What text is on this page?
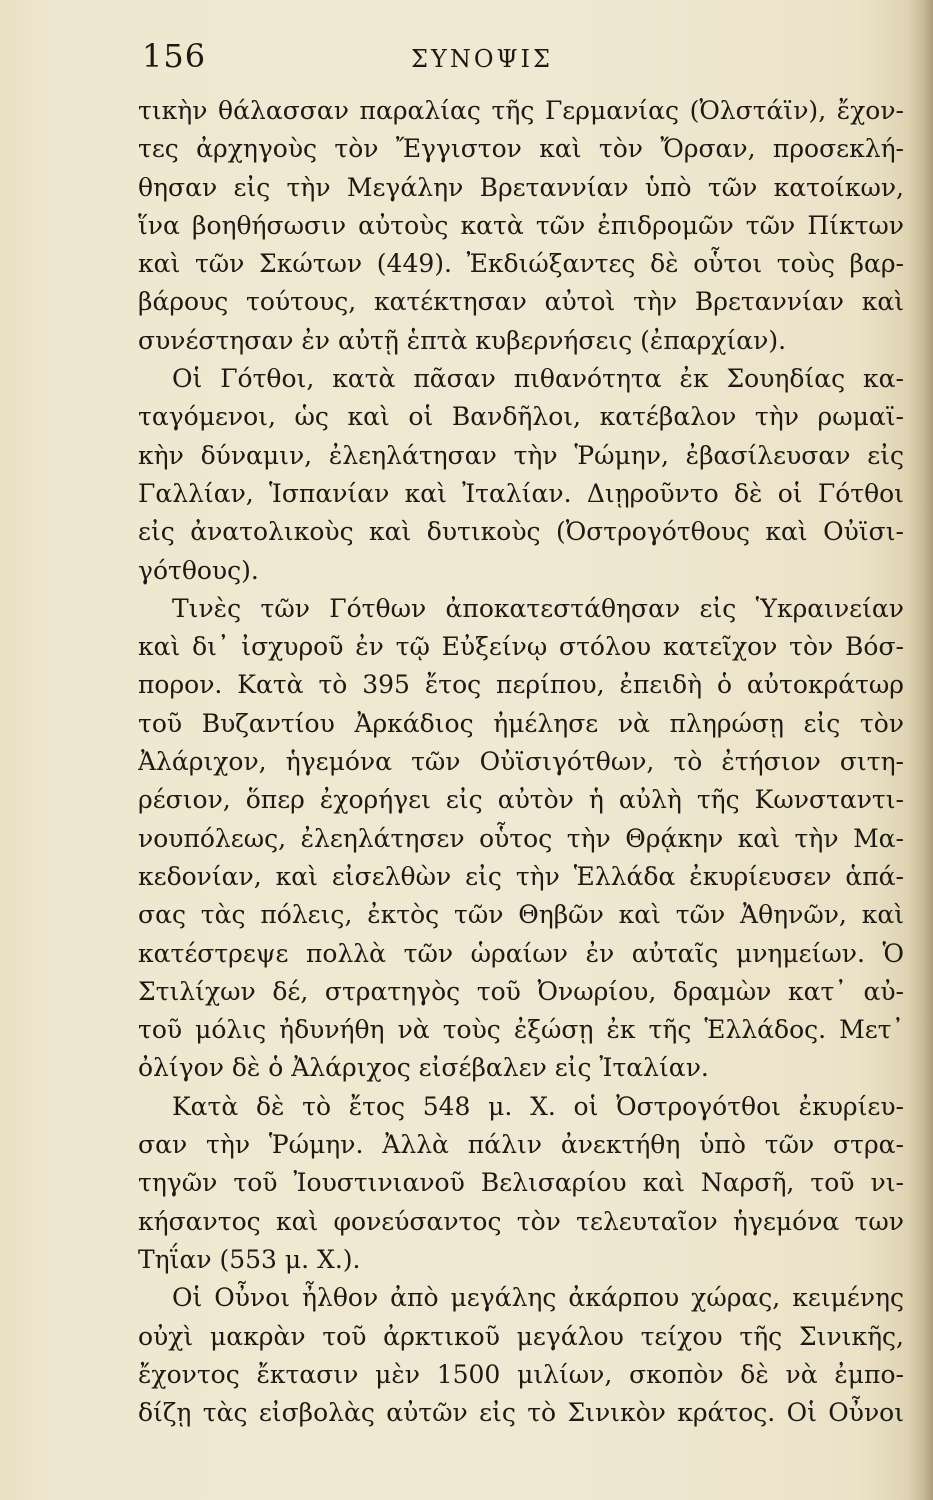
156	ΣΥΝΟΨΙΣ
τικὴν θάλασσαν παραλίας τῆς Γερμανίας (Ὀλστάϊν), ἔχον-
τες ἀρχηγοὺς τὸν Ἔγγιστον καὶ τὸν Ὄρσαν, προσεκλή-
θησαν εἰς τὴν Μεγάλην Βρεταννίαν ὑπὸ τῶν κατοίκων,
ἵνα βοηθήσωσιν αὐτοὺς κατὰ τῶν ἐπιδρομῶν τῶν Πίκτων
καὶ τῶν Σκώτων (449). Ἐκδιώξαντες δὲ οὗτοι τοὺς βαρ-
βάρους τούτους, κατέκτησαν αὐτοὶ τὴν Βρεταννίαν καὶ
συνέστησαν ἐν αὐτῇ ἑπτὰ κυβερνήσεις (ἐπαρχίαν).
Οἱ Γότθοι, κατὰ πᾶσαν πιθανότητα ἐκ Σουηδίας κα-
ταγόμενοι, ὡς καὶ οἱ Βανδῆλοι, κατέβαλον τὴν ρωμαϊ-
κὴν δύναμιν, ἐλεηλάτησαν τὴν Ῥώμην, ἐβασίλευσαν εἰς
Γαλλίαν, Ἱσπανίαν καὶ Ἰταλίαν. Διῃροῦντο δὲ οἱ Γότθοι
εἰς ἀνατολικοὺς καὶ δυτικοὺς (Ὀστρογότθους καὶ Οὐϊσι-
γότθους).
Τινὲς τῶν Γότθων ἀποκατεστάθησαν εἰς Ὑκραινείαν
καὶ δι᾿ ἰσχυροῦ ἐν τῷ Εὐξείνῳ στόλου κατεῖχον τὸν Βόσ-
πορον. Κατὰ τὸ 395 ἔτος περίπου, ἐπειδὴ ὁ αὐτοκράτωρ
τοῦ Βυζαντίου Ἀρκάδιος ἠμέλησε νὰ πληρώσῃ εἰς τὸν
Ἀλάριχον, ἡγεμόνα τῶν Οὐϊσιγότθων, τὸ ἐτήσιον σιτη-
ρέσιον, ὅπερ ἐχορήγει εἰς αὐτὸν ἡ αὐλὴ τῆς Κωνσταντι-
νουπόλεως, ἐλεηλάτησεν οὗτος τὴν Θρᾴκην καὶ τὴν Μα-
κεδονίαν, καὶ εἰσελθὼν εἰς τὴν Ἑλλάδα ἐκυρίευσεν ἁπά-
σας τὰς πόλεις, ἐκτὸς τῶν Θηβῶν καὶ τῶν Ἀθηνῶν, καὶ
κατέστρεψε πολλὰ τῶν ὡραίων ἐν αὐταῖς μνημείων. Ὁ
Στιλίχων δέ, στρατηγὸς τοῦ Ὀνωρίου, δραμὼν κατ᾿ αὐ-
τοῦ μόλις ἠδυνήθη νὰ τοὺς ἐξώσῃ ἐκ τῆς Ἑλλάδος. Μετ᾿
ὀλίγον δὲ ὁ Ἀλάριχος εἰσέβαλεν εἰς Ἰταλίαν.
Κατὰ δὲ τὸ ἔτος 548 μ. Χ. οἱ Ὀστρογότθοι ἐκυρίευ-
σαν τὴν Ῥώμην. Ἀλλὰ πάλιν ἀνεκτήθη ὑπὸ τῶν στρα-
τηγῶν τοῦ Ἰουστινιανοῦ Βελισαρίου καὶ Ναρσῆ, τοῦ νι-
κήσαντος καὶ φονεύσαντος τὸν τελευταῖον ἡγεμόνα των
Τηΐαν (553 μ. Χ.).
Οἱ Οὖνοι ἦλθον ἀπὸ μεγάλης ἀκάρπου χώρας, κειμένης
οὐχὶ μακρὰν τοῦ ἀρκτικοῦ μεγάλου τείχου τῆς Σινικῆς,
ἔχοντος ἔκτασιν μὲν 1500 μιλίων, σκοπὸν δὲ νὰ ἐμπο-
δίζῃ τὰς εἰσβολὰς αὐτῶν εἰς τὸ Σινικὸν κράτος. Οἱ Οὖνοι
